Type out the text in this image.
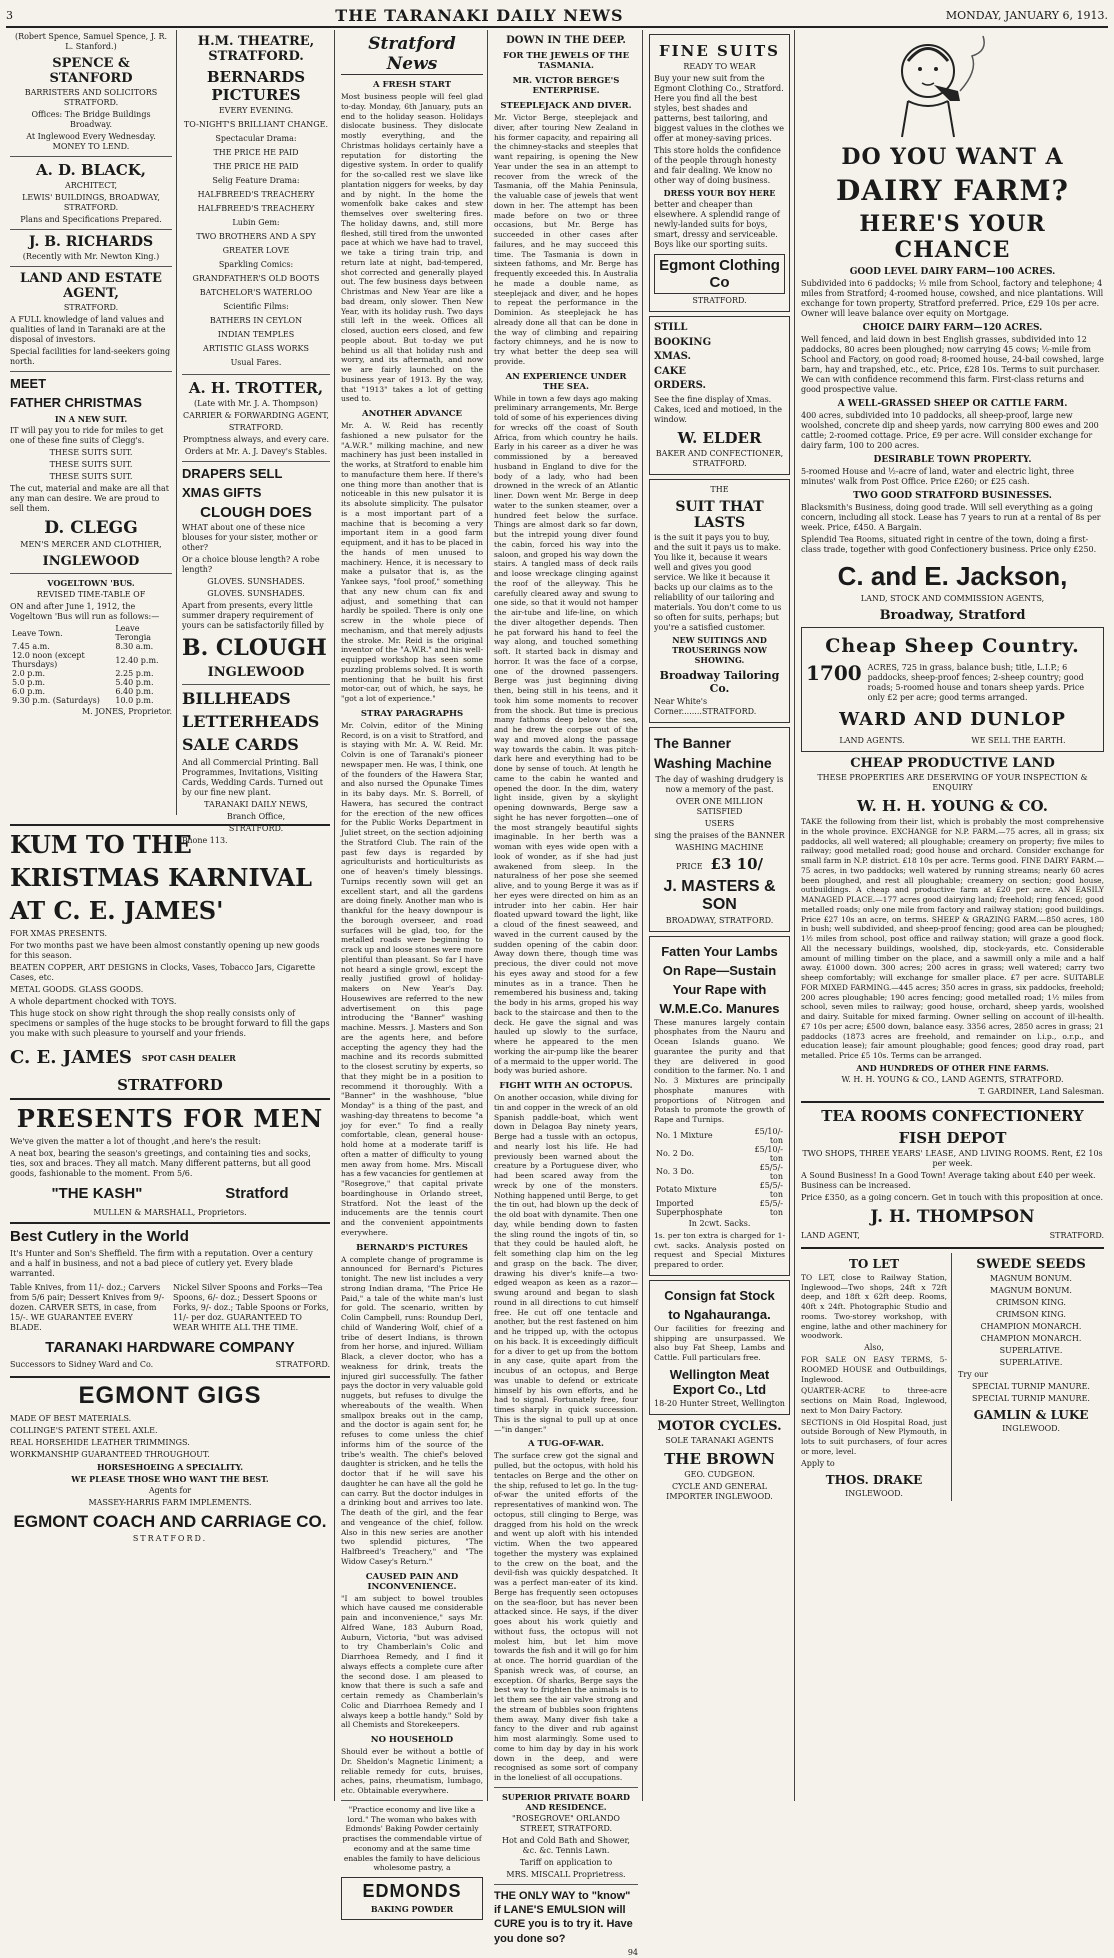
3	THE TARANAKI DAILY NEWS	MONDAY, JANUARY 6, 1913.
(Robert Spence, Samuel Spence, J. R. L. Stanford.)
SPENCE & STANFORD
BARRISTERS AND SOLICITORS STRATFORD.
Offices: The Bridge Buildings Broadway.
At Inglewood Every Wednesday. MONEY TO LEND.
A. D. BLACK,
ARCHITECT,
LEWIS' BUILDINGS, BROADWAY, STRATFORD.
Plans and Specifications Prepared.
J. B. RICHARDS
(Recently with Mr. Newton King.)
LAND AND ESTATE AGENT,
STRATFORD.
A FULL knowledge of land values and qualities of land in Taranaki are at the disposal of investors.
Special facilities for land-seekers going north.
MEET
FATHER CHRISTMAS
IN A NEW SUIT.
IT will pay you to ride for miles to get one of these fine suits of Clegg's.
THESE SUITS SUIT.
THESE SUITS SUIT.
THESE SUITS SUIT.
The cut, material and make are all that any man can desire. We are proud to sell them.
D. CLEGG
MEN'S MERCER AND CLOTHIER,
INGLEWOOD
VOGELTOWN 'BUS.
REVISED TIME-TABLE OF
ON and after June 1, 1912, the Vogeltown 'Bus will run as follows:—
Leave Town.	Leave Terongia
7.45 a.m.	8.30 a.m.
12.0 noon (except Thursdays)	12.40 p.m.
2.0 p.m.	2.25 p.m.
5.0 p.m.	5.40 p.m.
6.0 p.m.	6.40 p.m.
9.30 p.m. (Saturdays)	10.0 p.m.
M. JONES, Proprietor.
H.M. THEATRE, STRATFORD.
BERNARDS PICTURES
EVERY EVENING.
TO-NIGHT'S BRILLIANT CHANGE.
Spectacular Drama:
THE PRICE HE PAID
THE PRICE HE PAID
Selig Feature Drama:
HALFBREED'S TREACHERY
HALFBREED'S TREACHERY
Lubin Gem:
TWO BROTHERS AND A SPY
GREATER LOVE
Sparkling Comics:
GRANDFATHER'S OLD BOOTS
BATCHELOR'S WATERLOO
Scientific Films:
BATHERS IN CEYLON
INDIAN TEMPLES
ARTISTIC GLASS WORKS
Usual Fares.
A. H. TROTTER,
(Late with Mr. J. A. Thompson)
CARRIER & FORWARDING AGENT,
STRATFORD.
Promptness always, and every care.
Orders at Mr. A. J. Davey's Stables.
DRAPERS SELL
XMAS GIFTS
CLOUGH DOES
WHAT about one of these nice blouses for your sister, mother or other?
Or a choice blouse length? A robe length?
GLOVES. SUNSHADES.
GLOVES. SUNSHADES.
Apart from presents, every little summer drapery requirement of yours can be satisfactorily filled by
B. CLOUGH
INGLEWOOD
BILLHEADS
LETTERHEADS
SALE CARDS
And all Commercial Printing. Ball Programmes, Invitations, Visiting Cards, Wedding Cards. Turned out by our fine new plant.
TARANAKI DAILY NEWS,
Branch Office,
STRATFORD.
Phone 113.
KUM TO THE
KRISTMAS KARNIVAL
AT C. E. JAMES'
FOR XMAS PRESENTS.
For two months past we have been almost constantly opening up new goods for this season.
BEATEN COPPER, ART DESIGNS in Clocks, Vases, Tobacco Jars, Cigarette Cases, etc.
METAL GOODS. GLASS GOODS.
A whole department chocked with TOYS.
This huge stock on show right through the shop really consists only of specimens or samples of the huge stocks to be brought forward to fill the gaps you make with such pleasure to yourself and your friends.
C. E. JAMES SPOT CASH DEALER
STRATFORD
PRESENTS FOR MEN
We've given the matter a lot of thought ,and here's the result:
A neat box, bearing the season's greetings, and containing ties and socks, ties, sox and braces. They all match. Many different patterns, but all good goods, fashionable to the moment. From 5/6.
"THE KASH"	Stratford
MULLEN & MARSHALL, Proprietors.
Best Cutlery in the World
It's Hunter and Son's Sheffield. The firm with a reputation. Over a century and a half in business, and not a bad piece of cutlery yet. Every blade warranted.
Table Knives, from 11/- doz.; Carvers from 5/6 pair; Dessert Knives from 9/- dozen. CARVER SETS, in case, from 15/-. WE GUARANTEE EVERY BLADE.
Nickel Silver Spoons and Forks—Tea Spoons, 6/- doz.; Dessert Spoons or Forks, 9/- doz.; Table Spoons or Forks, 11/- per doz. GUARANTEED TO WEAR WHITE ALL THE TIME.
TARANAKI HARDWARE COMPANY
Successors to Sidney Ward and Co.	STRATFORD.
EGMONT GIGS
MADE OF BEST MATERIALS.
COLLINGE'S PATENT STEEL AXLE.
REAL HORSEHIDE LEATHER TRIMMINGS.
WORKMANSHIP GUARANTEED THROUGHOUT.
HORSESHOEING A SPECIALITY.
WE PLEASE THOSE WHO WANT THE BEST.
Agents for
MASSEY-HARRIS FARM IMPLEMENTS.
EGMONT COACH AND CARRIAGE CO.
STRATFORD.
Stratford News
A FRESH START
Most business people will feel glad to-day. Monday, 6th January, puts an end to the holiday season. Holidays dislocate business. They dislocate mostly everything, and the Christmas holidays certainly have a reputation for distorting the digestive system. In order to qualify for the so-called rest we slave like plantation niggers for weeks, by day and by night. In the home the womenfolk bake cakes and stew themselves over sweltering fires. The holiday dawns, and, still more fleshed, still tired from the unwonted pace at which we have had to travel, we take a tiring train trip, and return late at night, bad-tempered, shot corrected and generally played out. The few business days between Christmas and New Year are like a bad dream, only slower. Then New Year, with its holiday rush. Two days still left in the week. Offices all closed, auction eers closed, and few people about. But to-day we put behind us all that holiday rush and worry, and its aftermath, and now we are fairly launched on the business year of 1913. By the way, that "1913" takes a lot of getting used to.
ANOTHER ADVANCE
Mr. A. W. Reid has recently fashioned a new pulsator for the "A.W.R." milking machine, and new machinery has just been installed in the works, at Stratford to enable him to manufacture them here. If there's one thing more than another that is noticeable in this new pulsator it is its absolute simplicity. The pulsator is a most important part of a machine that is becoming a very important item in a good farm equipment, and it has to be placed in the hands of men unused to machinery. Hence, it is necessary to make a pulsator that is, as the Yankee says, "fool proof," something that any new chum can fix and adjust, and something that can hardly be spoiled. There is only one screw in the whole piece of mechanism, and that merely adjusts the stroke. Mr. Reid is the original inventor of the "A.W.R." and his well-equipped workshop has seen some puzzling problems solved. It is worth mentioning that he built his first motor-car, out of which, he says, he "got a lot of experience."
STRAY PARAGRAPHS
Mr. Colvin, editor of the Mining Record, is on a visit to Stratford, and is staying with Mr. A. W. Reid. Mr. Colvin is one of Taranaki's pioneer newspaper men. He was, I think, one of the founders of the Hawera Star, and also nursed the Opunake Times in its baby days. Mr. S. Borrell, of Hawera, has secured the contract for the erection of the new offices for the Public Works Department in Juliet street, on the section adjoining the Stratford Club. The rain of the past few days is regarded by agriculturists and horticulturists as one of heaven's timely blessings. Turnips recently sown will get an excellent start, and all the gardens are doing finely. Another man who is thankful for the heavy downpour is the borough overseer, and road surfaces will be glad, too, for the metalled roads were beginning to crack up and loose stones were more plentiful than pleasant. So far I have not heard a single growl, except the really justified growl of holiday-makers on New Year's Day. Housewives are referred to the new advertisement on this page introducing the "Banner" washing machine. Messrs. J. Masters and Son are the agents here, and before accepting the agency they had the machine and its records submitted to the closest scrutiny by experts, so that they might be in a position to recommend it thoroughly. With a "Banner" in the washhouse, "blue Monday" is a thing of the past, and washing-day threatens to become "a joy for ever." To find a really comfortable, clean, general house-hold home at a moderate tariff is often a matter of difficulty to young men away from home. Mrs. Miscall has a few vacancies for gentlemen at "Rosegrove," that capital private boardinghouse in Orlando street, Stratford. Not the least of the inducements are the tennis court and the convenient appointments everywhere.
BERNARD'S PICTURES
A complete change of programme is announced for Bernard's Pictures tonight. The new list includes a very strong Indian drama, "The Price He Paid," a tale of the white man's lust for gold. The scenario, written by Colin Campbell, runs: Roundup Derl, child of Wandering Wolf, chief of a tribe of desert Indians, is thrown from her horse, and injured. William Black, a clever doctor, who has a weakness for drink, treats the injured girl successfully. The father pays the doctor in very valuable gold nuggets, but refuses to divulge the whereabouts of the wealth. When smallpox breaks out in the camp, and the doctor is again sent for, he refuses to come unless the chief informs him of the source of the tribe's wealth. The chief's beloved daughter is stricken, and he tells the doctor that if he will save his daughter he can have all the gold he can carry. But the doctor indulges in a drinking bout and arrives too late. The death of the girl, and the fear and vengeance of the chief, follow. Also in this new series are another two splendid pictures, "The Halfbreed's Treachery," and "The Widow Casey's Return."
CAUSED PAIN AND INCONVENIENCE.
"I am subject to bowel troubles which have caused me considerable pain and inconvenience," says Mr. Alfred Wane, 183 Auburn Road, Auburn, Victoria, "but was advised to try Chamberlain's Colic and Diarrhoea Remedy, and I find it always effects a complete cure after the second dose. I am pleased to know that there is such a safe and certain remedy as Chamberlain's Colic and Diarrhoea Remedy and I always keep a bottle handy." Sold by all Chemists and Storekeepers.
NO HOUSEHOLD
Should ever be without a bottle of Dr. Sheldon's Magnetic Liniment; a reliable remedy for cuts, bruises, aches, pains, rheumatism, lumbago, etc. Obtainable everywhere.
"Practice economy and live like a lord." The woman who bakes with Edmonds' Baking Powder certainly practises the commendable virtue of economy and at the same time enables the family to have delicious wholesome pastry, a
EDMONDS
BAKING POWDER
DOWN IN THE DEEP.
FOR THE JEWELS OF THE TASMANIA.
MR. VICTOR BERGE'S ENTERPRISE.
STEEPLEJACK AND DIVER.
Mr. Victor Berge, steeplejack and diver, after touring New Zealand in his former capacity, and repairing all the chimney-stacks and steeples that want repairing, is opening the New Year under the sea in an attempt to recover from the wreck of the Tasmania, off the Mahia Peninsula, the valuable case of jewels that went down in her. The attempt has been made before on two or three occasions, but Mr. Berge has succeeded in other cases after failures, and he may succeed this time. The Tasmania is down in sixteen fathoms, and Mr. Berge has frequently exceeded this. In Australia he made a double name, as steeplejack and diver, and he hopes to repeat the performance in the Dominion. As steeplejack he has already done all that can be done in the way of climbing and repairing factory chimneys, and he is now to try what better the deep sea will provide.
AN EXPERIENCE UNDER THE SEA.
While in town a few days ago making preliminary arrangements, Mr. Berge told of some of his experiences diving for wrecks off the coast of South Africa, from which country he hails. Early in his career as a diver he was commissioned by a bereaved husband in England to dive for the body of a lady, who had been drowned in the wreck of an Atlantic liner. Down went Mr. Berge in deep water to the sunken steamer, over a hundred feet below the surface. Things are almost dark so far down, but the intrepid young diver found the cabin, forced his way into the saloon, and groped his way down the stairs. A tangled mass of deck rails and loose wreckage clinging against the roof of the alleyway. This he carefully cleared away and swung to one side, so that it would not hamper the air-tube and life-line, on which the diver altogether depends. Then he pat forward his hand to feel the way along, and touched something soft. It started back in dismay and horror. It was the face of a corpse, one of the drowned passengers. Berge was just beginning diving then, being still in his teens, and it took him some moments to recover from the shock. But time is precious many fathoms deep below the sea, and he drew the corpse out of the way and moved along the passage way towards the cabin. It was pitch-dark here and everything had to be done by sense of touch. At length he came to the cabin he wanted and opened the door. In the dim, watery light inside, given by a skylight opening downwards, Berge saw a sight he has never forgotten—one of the most strangely beautiful sights imaginable. In her berth was a woman with eyes wide open with a look of wonder, as if she had just awakened from sleep. In the naturalness of her pose she seemed alive, and to young Berge it was as if her eyes were directed on him as an intruder into her cabin. Her hair floated upward toward the light, like a cloud of the finest seaweed, and waved in the current caused by the sudden opening of the cabin door. Away down there, though time was precious, the diver could not move his eyes away and stood for a few minutes as in a trance. Then he remembered his business and, taking the body in his arms, groped his way back to the staircase and then to the deck. He gave the signal and was hauled up slowly to the surface, where he appeared to the men working the air-pump like the bearer of a mermaid to the upper world. The body was buried ashore.
FIGHT WITH AN OCTOPUS.
On another occasion, while diving for tin and copper in the wreck of an old Spanish paddle-boat, which went down in Delagoa Bay ninety years, Berge had a tussle with an octopus, and nearly lost his life. He had previously been warned about the creature by a Portuguese diver, who had been scared away from the wreck by one of the monsters. Nothing happened until Berge, to get the tin out, had blown up the deck of the old boat with dynamite. Then one day, while bending down to fasten the sling round the ingots of tin, so that they could be hauled aloft, he felt something clap him on the leg and grasp on the back. The diver, drawing his diver's knife—a two-edged weapon as keen as a razor—swung around and began to slash round in all directions to cut himself free. He cut off one tentacle and another, but the rest fastened on him and he tripped up, with the octopus on his back. It is exceedingly difficult for a diver to get up from the bottom in any case, quite apart from the incubus of an octopus, and Berge was unable to defend or extricate himself by his own efforts, and he had to signal. Fortunately free, four times sharply in quick succession. This is the signal to pull up at once—"in danger."
A TUG-OF-WAR.
The surface crew got the signal and pulled, but the octopus, with hold his tentacles on Berge and the other on the ship, refused to let go. In the tug-of-war the united efforts of the representatives of mankind won. The octopus, still clinging to Berge, was dragged from his hold on the wreck and went up aloft with his intended victim. When the two appeared together the mystery was explained to the crew on the boat, and the devil-fish was quickly despatched. It was a perfect man-eater of its kind. Berge has frequently seen octopuses on the sea-floor, but has never been attacked since. He says, if the diver goes about his work quietly and without fuss, the octopus will not molest him, but let him move towards the fish and it will go for him at once. The horrid guardian of the Spanish wreck was, of course, an exception. Of sharks, Berge says the best way to frighten the animals is to let them see the air valve strong and the stream of bubbles soon frightens them away. Many diver fish take a fancy to the diver and rub against him most alarmingly. Some used to come to him day by day in his work down in the deep, and were recognised as some sort of company in the loneliest of all occupations.
SUPERIOR PRIVATE BOARD AND RESIDENCE.
"ROSEGROVE" ORLANDO STREET, STRATFORD.
Hot and Cold Bath and Shower, &c. &c. Tennis Lawn.
Tariff on application to
MRS. MISCALL Proprietress.
THE ONLY WAY to "know" if LANE'S EMULSION will CURE you is to try it. Have you done so?
94
FINE SUITS
READY TO WEAR
Buy your new suit from the Egmont Clothing Co., Stratford. Here you find all the best styles, best shades and patterns, best tailoring, and biggest values in the clothes we offer at money-saving prices.
This store holds the confidence of the people through honesty and fair dealing. We know no other way of doing business.
DRESS YOUR BOY HERE
better and cheaper than elsewhere. A splendid range of newly-landed suits for boys, smart, dressy and serviceable. Boys like our sporting suits.
Egmont Clothing Co
STRATFORD.
STILL
BOOKING
XMAS.
CAKE
ORDERS.
See the fine display of Xmas. Cakes, iced and motioed, in the window.
W. ELDER
BAKER AND CONFECTIONER, STRATFORD.
THE
SUIT THAT LASTS
is the suit it pays you to buy, and the suit it pays us to make. You like it, because it wears well and gives you good service. We like it because it backs up our claims as to the reliability of our tailoring and materials. You don't come to us so often for suits, perhaps; but you're a satisfied customer.
NEW SUITINGS AND TROUSERINGS NOW SHOWING.
Broadway Tailoring Co.
Near White's Corner........STRATFORD.
The Banner
Washing Machine
The day of washing drudgery is now a memory of the past.
OVER ONE MILLION SATISFIED
USERS
sing the praises of the BANNER
WASHING MACHINE
PRICE £3 10/
J. MASTERS & SON
BROADWAY, STRATFORD.
Fatten Your Lambs
On Rape—Sustain
Your Rape with
W.M.E.Co. Manures
These manures largely contain phosphates from the Nauru and Ocean Islands guano. We guarantee the purity and that they are delivered in good condition to the farmer. No. 1 and No. 3 Mixtures are principally phosphate manures with proportions of Nitrogen and Potash to promote the growth of Rape and Turnips.
No. 1 Mixture	£5/10/- ton
No. 2 Do.	£5/10/- ton
No. 3 Do.	£5/5/- ton
Potato Mixture	£5/5/- ton
Imported Superphosphate	£5/5/- ton
In 2cwt. Sacks.
1s. per ton extra is charged for 1-cwt. sacks. Analysis posted on request and Special Mixtures prepared to order.
Consign fat Stock
to Ngahauranga.
Our facilities for freezing and shipping are unsurpassed. We also buy Fat Sheep, Lambs and Cattle. Full particulars free.
Wellington Meat Export Co., Ltd
18-20 Hunter Street, Wellington
MOTOR CYCLES.
SOLE TARANAKI AGENTS
THE BROWN
GEO. CUDGEON.
CYCLE AND GENERAL IMPORTER INGLEWOOD.
DO YOU WANT A
DAIRY FARM?
HERE'S YOUR CHANCE
GOOD LEVEL DAIRY FARM—100 ACRES.
Subdivided into 6 paddocks; ½ mile from School, factory and telephone; 4 miles from Stratford; 4-roomed house, cowshed, and nice plantations. Will exchange for town property, Stratford preferred. Price, £29 10s per acre. Owner will leave balance over equity on Mortgage.
CHOICE DAIRY FARM—120 ACRES.
Well fenced, and laid down in best English grasses, subdivided into 12 paddocks, 80 acres been ploughed; now carrying 45 cows; ½-mile from School and Factory, on good road; 8-roomed house, 24-bail cowshed, large barn, hay and trapshed, etc., etc. Price, £28 10s. Terms to suit purchaser. We can with confidence recommend this farm. First-class returns and good prospective value.
A WELL-GRASSED SHEEP OR CATTLE FARM.
400 acres, subdivided into 10 paddocks, all sheep-proof, large new woolshed, concrete dip and sheep yards, now carrying 800 ewes and 200 cattle; 2-roomed cottage. Price, £9 per acre. Will consider exchange for dairy farm, 100 to 200 acres.
DESIRABLE TOWN PROPERTY.
5-roomed House and ½-acre of land, water and electric light, three minutes' walk from Post Office. Price £260; or £25 cash.
TWO GOOD STRATFORD BUSINESSES.
Blacksmith's Business, doing good trade. Will sell everything as a going concern, including all stock. Lease has 7 years to run at a rental of 8s per week. Price, £450. A Bargain.
Splendid Tea Rooms, situated right in centre of the town, doing a first-class trade, together with good Confectionery business. Price only £250.
C. and E. Jackson,
LAND, STOCK AND COMMISSION AGENTS,
Broadway, Stratford
Cheap Sheep Country.
1700 ACRES, 725 in grass, balance bush; title, L.I.P.; 6 paddocks, sheep-proof fences; 2-sheep country; good roads; 5-roomed house and tonars sheep yards. Price only £2 per acre; good terms arranged.
WARD AND DUNLOP
LAND AGENTS.	WE SELL THE EARTH.
CHEAP PRODUCTIVE LAND
THESE PROPERTIES ARE DESERVING OF YOUR INSPECTION & ENQUIRY
W. H. H. YOUNG & CO.
TAKE the following from their list, which is probably the most comprehensive in the whole province. EXCHANGE for N.P. FARM.—75 acres, all in grass; six paddocks, all well watered; all ploughable; creamery on property; five miles to railway; good metalled road; good house and orchard. Consider exchange for small farm in N.P. district. £18 10s per acre. Terms good. FINE DAIRY FARM.—75 acres, in two paddocks; well watered by running streams; nearly 60 acres been ploughed, and rest all ploughable; creamery on section; good house, outbuildings. A cheap and productive farm at £20 per acre. AN EASILY MANAGED PLACE.—177 acres good dairying land; freehold; ring fenced; good metalled roads; only one mile from factory and railway station; good buildings. Price £27 10s an acre, on terms. SHEEP & GRAZING FARM.—850 acres, 180 in bush; well subdivided, and sheep-proof fencing; good area can be ploughed; 1½ miles from school, post office and railway station; will graze a good flock. All the necessary buildings, woolshed, dip, stock-yards, etc. Considerable amount of milling timber on the place, and a sawmill only a mile and a half away. £1000 down. 300 acres; 200 acres in grass; well watered; carry two sheep comfortably; will exchange for smaller place. £7 per acre. SUITABLE FOR MIXED FARMING.—445 acres; 350 acres in grass, six paddocks, freehold; 200 acres ploughable; 190 acres fencing; good metalled road; 1½ miles from school, seven miles to railway; good house, orchard, sheep yards, woolshed and dairy. Suitable for mixed farming. Owner selling on account of ill-health. £7 10s per acre; £500 down, balance easy. 3356 acres, 2850 acres in grass; 21 paddocks (1873 acres are freehold, and remainder on l.i.p., o.r.p., and education lease); fair amount ploughable; good fences; good dray road, part metalled. Price £5 10s. Terms can be arranged.
AND HUNDREDS OF OTHER FINE FARMS.
W. H. H. YOUNG & CO., LAND AGENTS, STRATFORD.
T. GARDINER, Land Salesman.
TEA ROOMS CONFECTIONERY
FISH DEPOT
TWO SHOPS, THREE YEARS' LEASE, AND LIVING ROOMS. Rent, £2 10s per week.
A Sound Business! In a Good Town! Average taking about £40 per week. Business can be increased.
Price £350, as a going concern. Get in touch with this proposition at once.
J. H. THOMPSON
LAND AGENT,	STRATFORD.
TO LET
TO LET, close to Railway Station, Inglewood—Two shops, 24ft x 72ft deep, and 18ft x 62ft deep. Rooms, 40ft x 24ft. Photographic Studio and rooms. Two-storey workshop, with engine, lathe and other machinery for woodwork.
Also,
FOR SALE ON EASY TERMS, 5-ROOMED HOUSE and Outbuildings, Inglewood.
QUARTER-ACRE to three-acre sections on Main Road, Inglewood, next to Mon Dairy Factory.
SECTIONS in Old Hospital Road, just outside Borough of New Plymouth, in lots to suit purchasers, of four acres or more, level.
Apply to
THOS. DRAKE
INGLEWOOD.
SWEDE SEEDS
MAGNUM BONUM.
MAGNUM BONUM.
CRIMSON KING.
CRIMSON KING.
CHAMPION MONARCH.
CHAMPION MONARCH.
SUPERLATIVE.
SUPERLATIVE.
Try our
SPECIAL TURNIP MANURE.
SPECIAL TURNIP MANURE.
GAMLIN & LUKE
INGLEWOOD.
